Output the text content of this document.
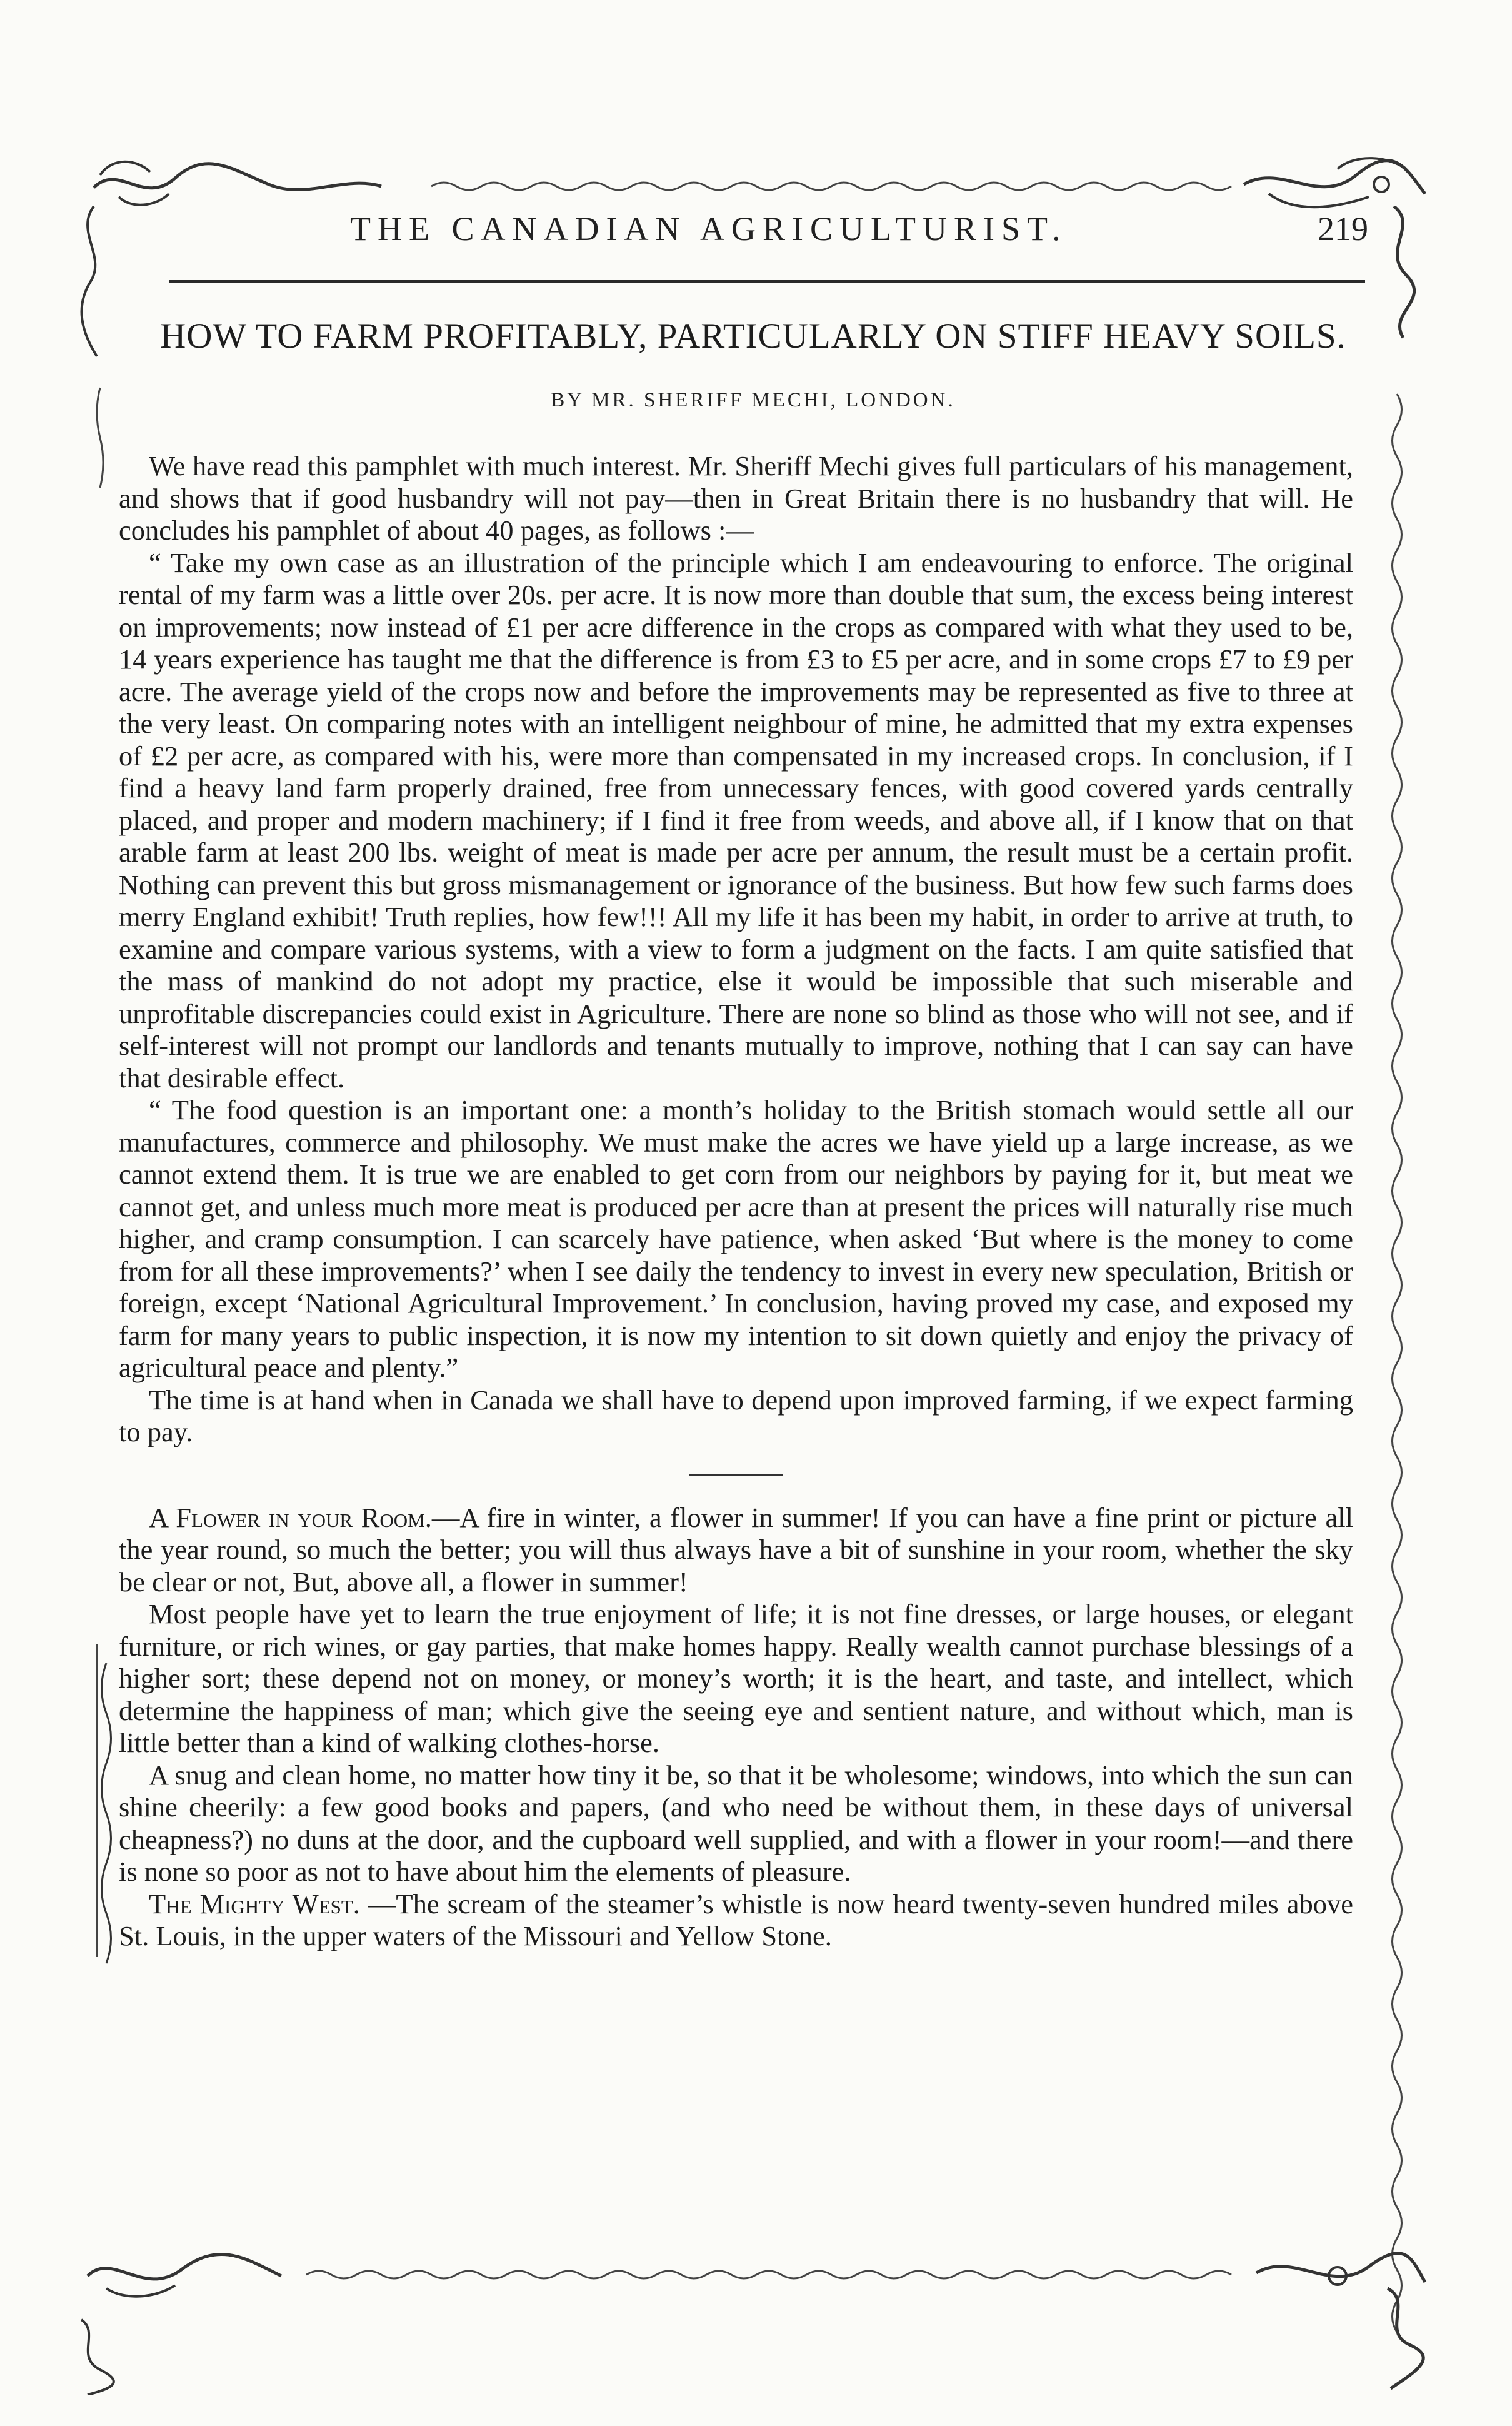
THE CANADIAN AGRICULTURIST.	219
HOW TO FARM PROFITABLY, PARTICULARLY ON STIFF HEAVY SOILS.
BY MR. SHERIFF MECHI, LONDON.

We have read this pamphlet with much interest. Mr. Sheriff Mechi gives full particulars of his management, and shows that if good husbandry will not pay—then in Great Britain there is no husbandry that will. He concludes his pamphlet of about 40 pages, as follows :—

“ Take my own case as an illustration of the principle which I am endeavouring to enforce. The original rental of my farm was a little over 20s. per acre. It is now more than double that sum, the excess being interest on improvements; now instead of £1 per acre difference in the crops as compared with what they used to be, 14 years experience has taught me that the difference is from £3 to £5 per acre, and in some crops £7 to £9 per acre. The average yield of the crops now and before the improvements may be represented as five to three at the very least. On comparing notes with an intelligent neighbour of mine, he admitted that my extra expenses of £2 per acre, as compared with his, were more than compensated in my increased crops. In conclusion, if I find a heavy land farm properly drained, free from unnecessary fences, with good covered yards centrally placed, and proper and modern machinery; if I find it free from weeds, and above all, if I know that on that arable farm at least 200 lbs. weight of meat is made per acre per annum, the result must be a certain profit. Nothing can prevent this but gross mismanagement or ignorance of the business. But how few such farms does merry England exhibit! Truth replies, how few!!! All my life it has been my habit, in order to arrive at truth, to examine and compare various systems, with a view to form a judgment on the facts. I am quite satisfied that the mass of mankind do not adopt my practice, else it would be impossible that such miserable and unprofitable discrepancies could exist in Agriculture. There are none so blind as those who will not see, and if self-interest will not prompt our landlords and tenants mutually to improve, nothing that I can say can have that desirable effect.

“ The food question is an important one: a month’s holiday to the British stomach would settle all our manufactures, commerce and philosophy. We must make the acres we have yield up a large increase, as we cannot extend them. It is true we are enabled to get corn from our neighbors by paying for it, but meat we cannot get, and unless much more meat is produced per acre than at present the prices will naturally rise much higher, and cramp consumption. I can scarcely have patience, when asked ‘But where is the money to come from for all these improvements?’ when I see daily the tendency to invest in every new speculation, British or foreign, except ‘National Agricultural Improvement.’ In conclusion, having proved my case, and exposed my farm for many years to public inspection, it is now my intention to sit down quietly and enjoy the privacy of agricultural peace and plenty.”

The time is at hand when in Canada we shall have to depend upon improved farming, if we expect farming to pay.

A Flower in your Room.—A fire in winter, a flower in summer! If you can have a fine print or picture all the year round, so much the better; you will thus always have a bit of sunshine in your room, whether the sky be clear or not, But, above all, a flower in summer!

Most people have yet to learn the true enjoyment of life; it is not fine dresses, or large houses, or elegant furniture, or rich wines, or gay parties, that make homes happy. Really wealth cannot purchase blessings of a higher sort; these depend not on money, or money’s worth; it is the heart, and taste, and intellect, which determine the happiness of man; which give the seeing eye and sentient nature, and without which, man is little better than a kind of walking clothes-horse.

A snug and clean home, no matter how tiny it be, so that it be wholesome; windows, into which the sun can shine cheerily: a few good books and papers, (and who need be without them, in these days of universal cheapness?) no duns at the door, and the cupboard well supplied, and with a flower in your room!—and there is none so poor as not to have about him the elements of pleasure.

The Mighty West. —The scream of the steamer’s whistle is now heard twenty-seven hundred miles above St. Louis, in the upper waters of the Missouri and Yellow Stone.
